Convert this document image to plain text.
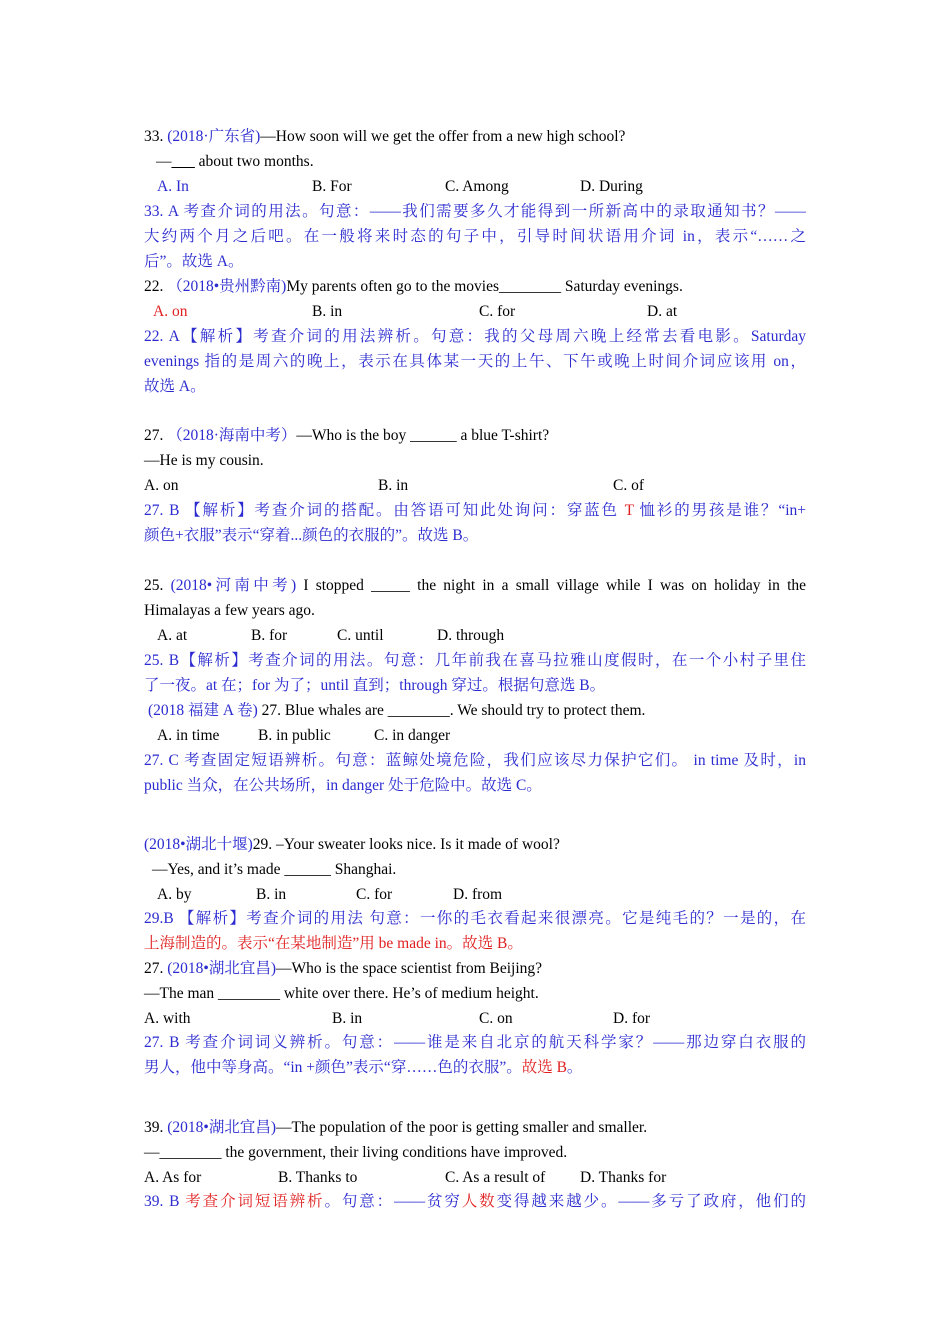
33. (2018·广东省)—How soon will we get the offer from a new high school?
—___ about two months.
A. In	B. For	C. Among	D. During
33. A 考查介词的用法。句意：——我们需要多久才能得到一所新高中的录取通知书？——
大约两个月之后吧。在一般将来时态的句子中，引导时间状语用介词 in，表示“……之
后”。故选 A。
22. （2018•贵州黔南)My parents often go to the movies________ Saturday evenings.
A. on	B. in	C. for	D. at
22. A【解析】考查介词的用法辨析。句意：我的父母周六晚上经常去看电影。Saturday
evenings 指的是周六的晚上，表示在具体某一天的上午、下午或晚上时间介词应该用 on，
故选 A。
27. （2018·海南中考）—Who is the boy ______ a blue T-shirt?
—He is my cousin.
A. on	B. in	C. of
27. B 【解析】考查介词的搭配。由答语可知此处询问：穿蓝色 T 恤衫的男孩是谁？“in+
颜色+衣服”表示“穿着...颜色的衣服的”。故选 B。
25. (2018•河南中考) I stopped _____ the night in a small village while I was on holiday in the
Himalayas a few years ago.
A. at	B. for	C. until	D. through
25. B【解析】考查介词的用法。句意：几年前我在喜马拉雅山度假时，在一个小村子里住
了一夜。at 在；for 为了；until 直到；through 穿过。根据句意选 B。
(2018 福建 A 卷) 27. Blue whales are ________. We should try to protect them.
A. in time B. in public	C. in danger
27. C 考查固定短语辨析。句意：蓝鲸处境危险，我们应该尽力保护它们。 in time 及时，in
public 当众，在公共场所，in danger 处于危险中。故选 C。
(2018•湖北十堰)29. –Your sweater looks nice. Is it made of wool?
—Yes, and it’s made ______ Shanghai.
A. by	B. in	C. for	D. from
29.B 【解析】考查介词的用法 句意：一你的毛衣看起来很漂亮。它是纯毛的？一是的，在
上海制造的。表示“在某地制造”用 be made in。故选 B。
27. (2018•湖北宜昌)—Who is the space scientist from Beijing?
—The man ________ white over there. He’s of medium height.
A. with	B. in	C. on	D. for
27. B 考查介词词义辨析。句意：——谁是来自北京的航天科学家？——那边穿白衣服的
男人，他中等身高。“in +颜色”表示“穿……色的衣服”。故选 B。
39. (2018•湖北宜昌)—The population of the poor is getting smaller and smaller.
—________ the government, their living conditions have improved.
A. As for	B. Thanks to	C. As a result of D. Thanks for
39. B 考查介词短语辨析。句意：——贫穷人数变得越来越少。——多亏了政府，他们的
